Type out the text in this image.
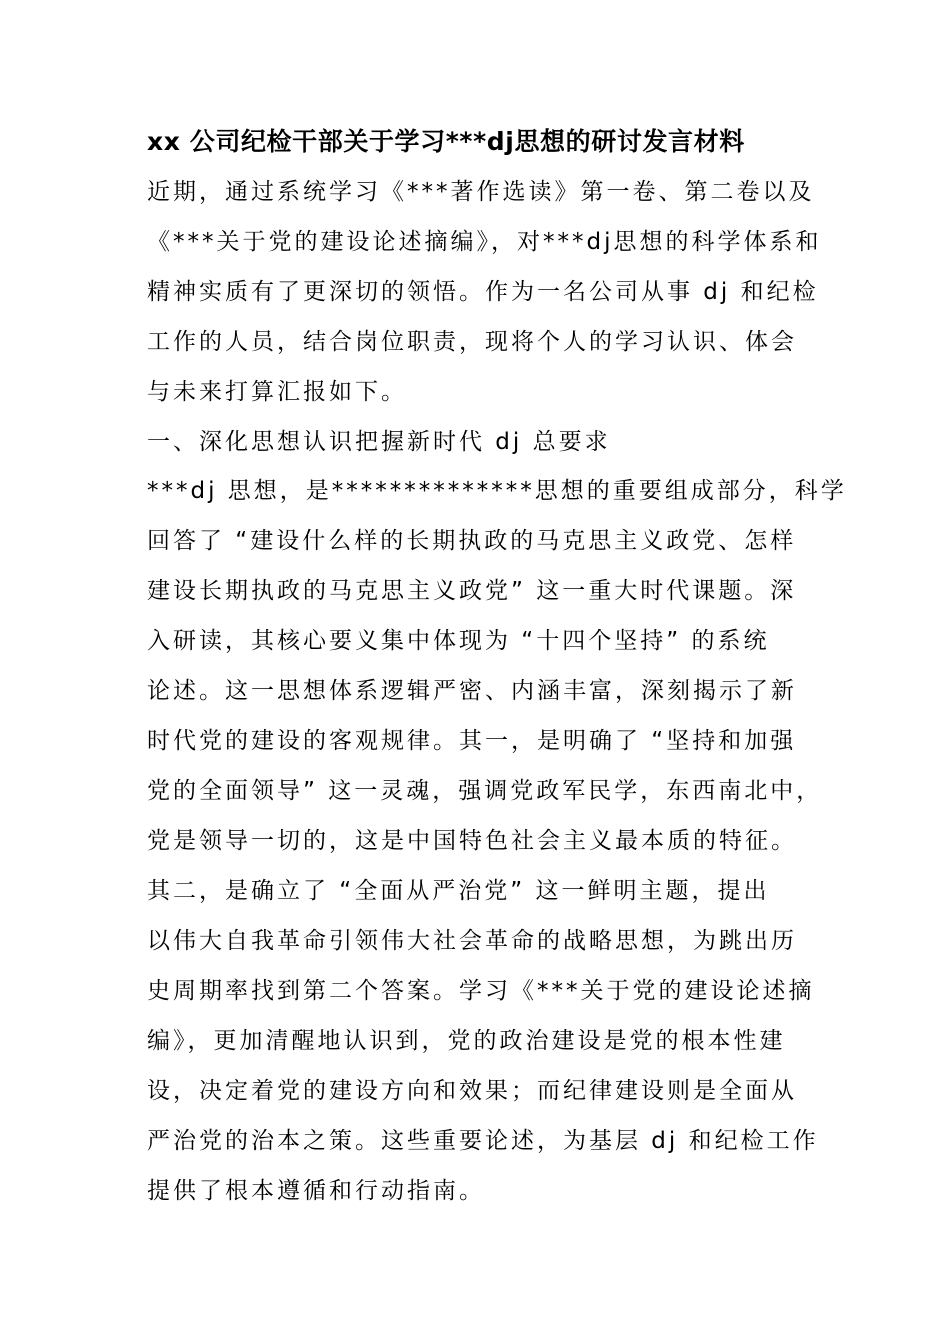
xx 公司纪检干部关于学习***dj思想的研讨发言材料
近期，通过系统学习《***著作选读》第一卷、第二卷以及
《***关于党的建设论述摘编》，对***dj思想的科学体系和
精神实质有了更深切的领悟。作为一名公司从事 dj 和纪检
工作的人员，结合岗位职责，现将个人的学习认识、体会
与未来打算汇报如下。
一、深化思想认识把握新时代 dj 总要求
***dj 思想，是**************思想的重要组成部分，科学
回答了 “建设什么样的长期执政的马克思主义政党、怎样
建设长期执政的马克思主义政党” 这一重大时代课题。深
入研读，其核心要义集中体现为 “十四个坚持” 的系统
论述。这一思想体系逻辑严密、内涵丰富，深刻揭示了新
时代党的建设的客观规律。其一，是明确了 “坚持和加强
党的全面领导” 这一灵魂，强调党政军民学，东西南北中，
党是领导一切的，这是中国特色社会主义最本质的特征。
其二，是确立了 “全面从严治党” 这一鲜明主题，提出
以伟大自我革命引领伟大社会革命的战略思想，为跳出历
史周期率找到第二个答案。学习《***关于党的建设论述摘
编》，更加清醒地认识到，党的政治建设是党的根本性建
设，决定着党的建设方向和效果；而纪律建设则是全面从
严治党的治本之策。这些重要论述，为基层 dj 和纪检工作
提供了根本遵循和行动指南。
